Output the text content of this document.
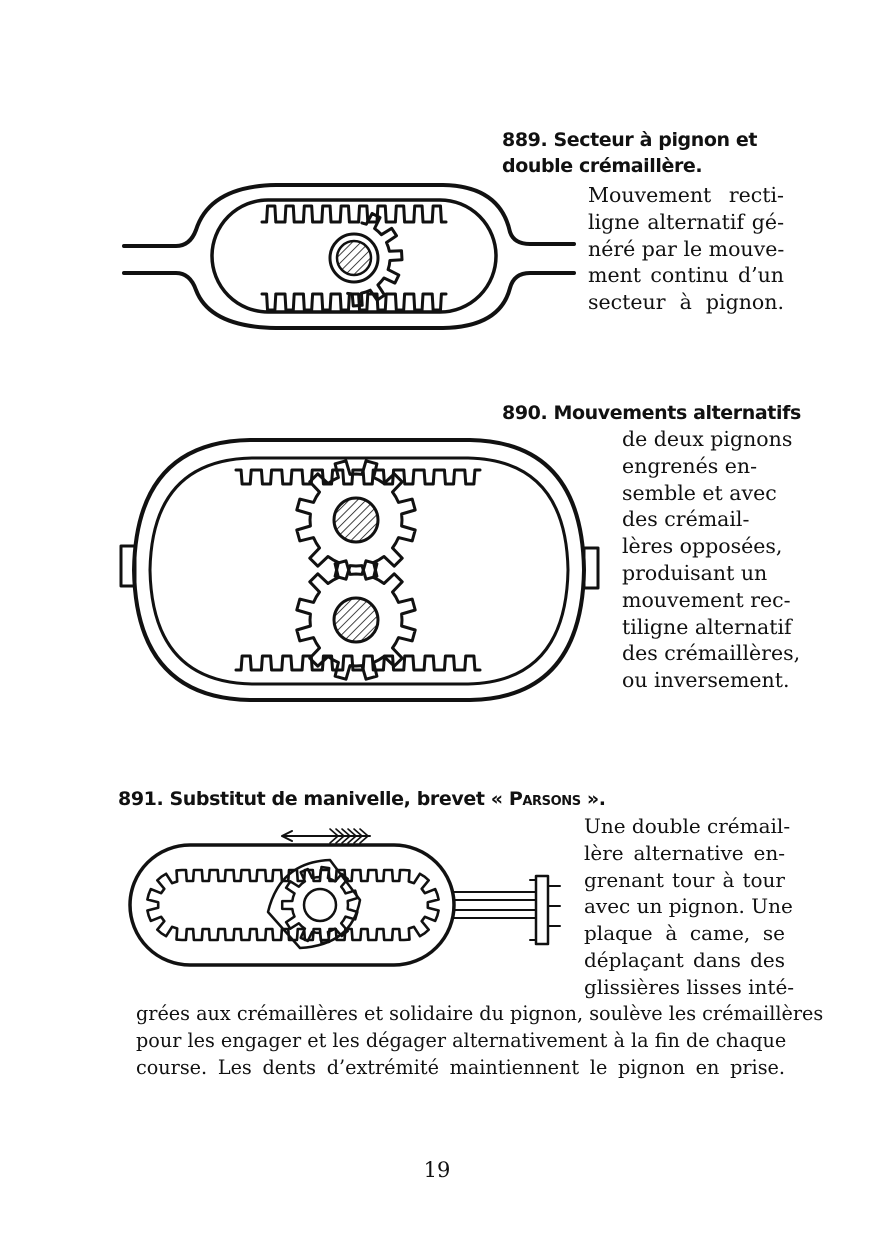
889. Secteur à pignon et
double crémaillère.
Mouvement recti-
ligne alternatif gé-
néré par le mouve-
ment continu d’un
secteur à pignon.
890. Mouvements alternatifs
de deux pignons
engrenés en-
semble et avec
des crémail-
lères opposées,
produisant un
mouvement rec-
tiligne alternatif
des crémaillères,
ou inversement.
891. Substitut de manivelle, brevet « Parsons ».
Une double crémail-
lère alternative en-
grenant tour à tour
avec un pignon. Une
plaque à came, se
déplaçant dans des
glissières lisses inté-
grées aux crémaillères et solidaire du pignon, soulève les crémaillères
pour les engager et les dégager alternativement à la fin de chaque
course. Les dents d’extrémité maintiennent le pignon en prise.
19
